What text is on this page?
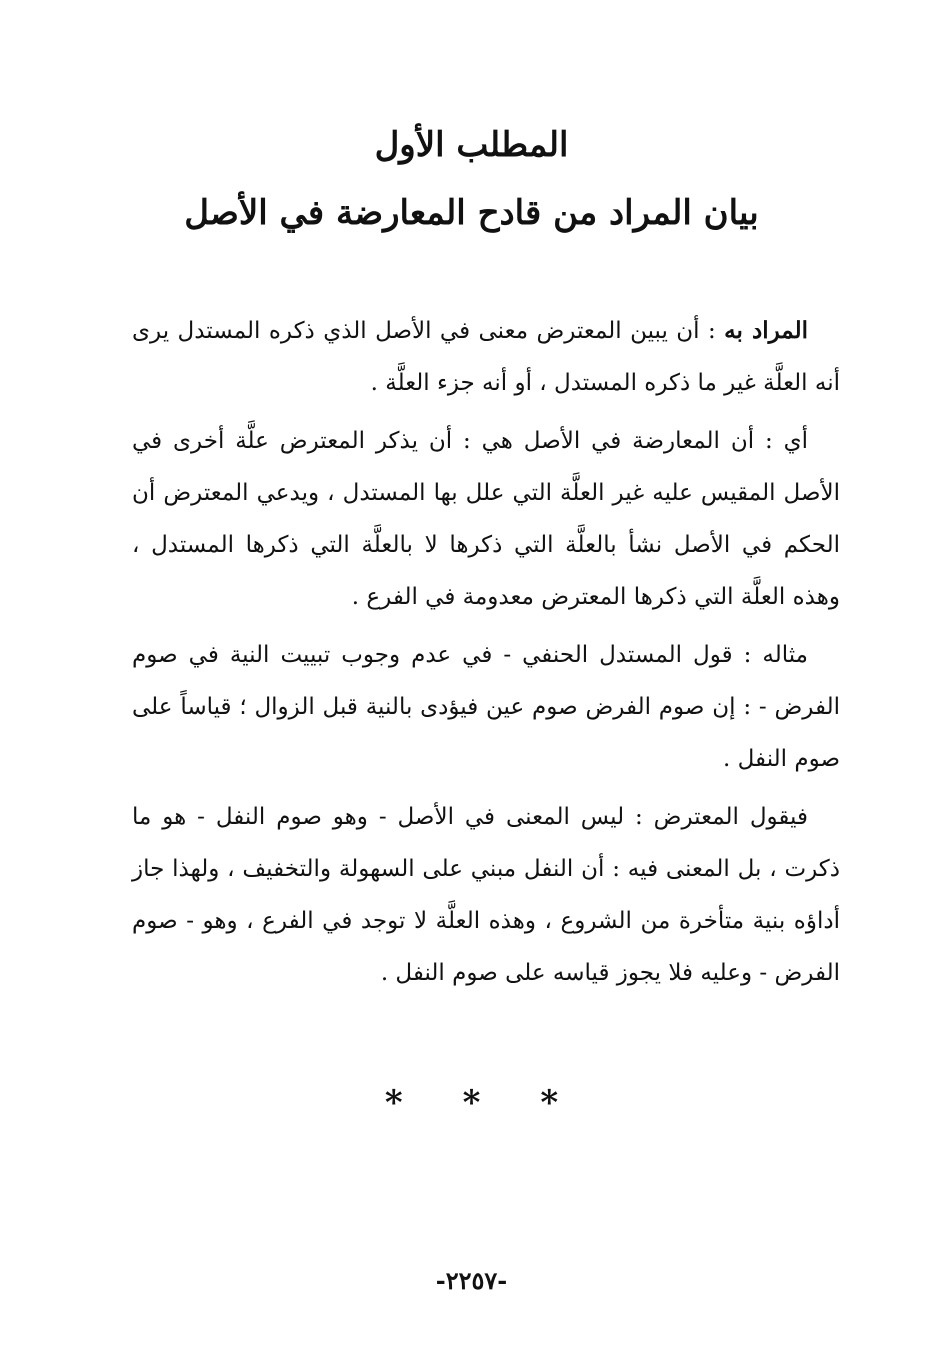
المطلب الأول
بيان المراد من قادح المعارضة في الأصل

المراد به : أن يبين المعترض معنى في الأصل الذي ذكره المستدل يرى أنه العلَّة غير ما ذكره المستدل ، أو أنه جزء العلَّة .

أي : أن المعارضة في الأصل هي : أن يذكر المعترض علَّة أخرى في الأصل المقيس عليه غير العلَّة التي علل بها المستدل ، ويدعي المعترض أن الحكم في الأصل نشأ بالعلَّة التي ذكرها لا بالعلَّة التي ذكرها المستدل ، وهذه العلَّة التي ذكرها المعترض معدومة في الفرع .

مثاله : قول المستدل الحنفي - في عدم وجوب تبييت النية في صوم الفرض - : إن صوم الفرض صوم عين فيؤدى بالنية قبل الزوال ؛ قياساً على صوم النفل .

فيقول المعترض : ليس المعنى في الأصل - وهو صوم النفل - هو ما ذكرت ، بل المعنى فيه : أن النفل مبني على السهولة والتخفيف ، ولهذا جاز أداؤه بنية متأخرة من الشروع ، وهذه العلَّة لا توجد في الفرع ، وهو - صوم الفرض - وعليه فلا يجوز قياسه على صوم النفل .

* * *
-٢٢٥٧-
